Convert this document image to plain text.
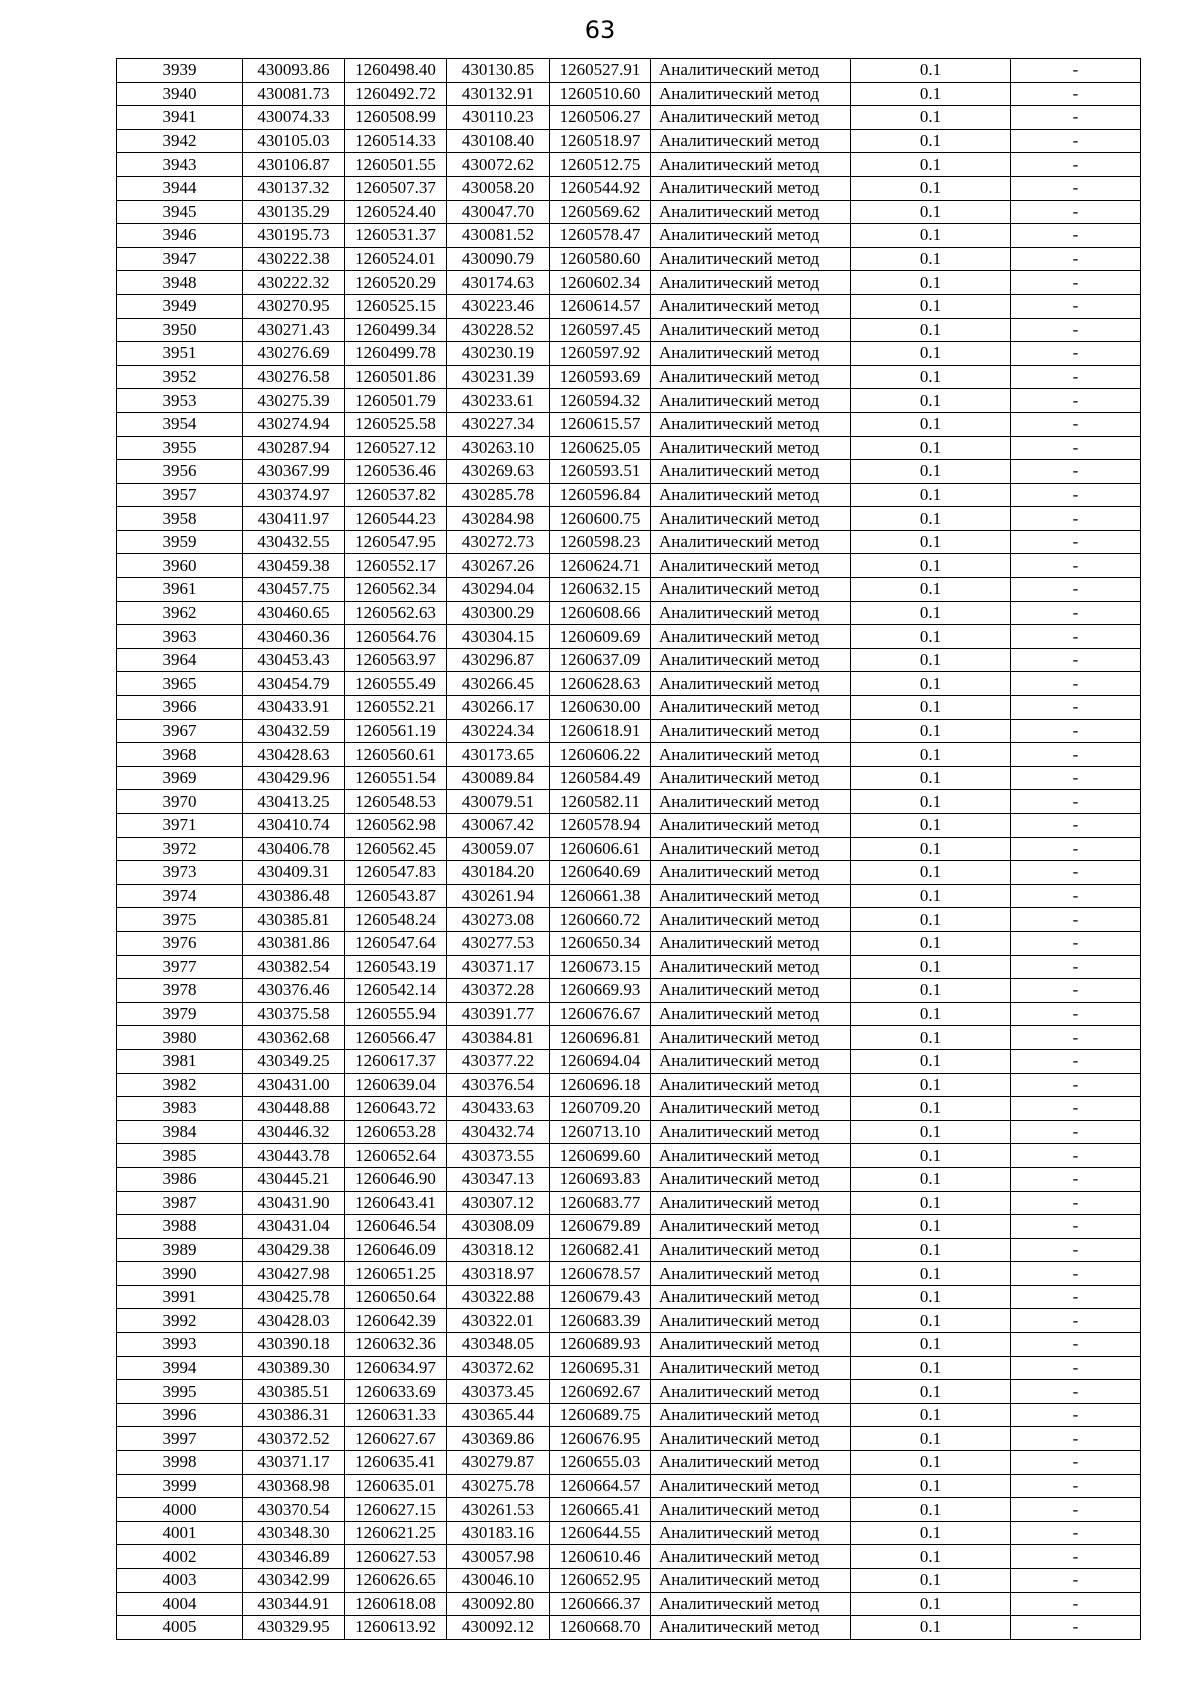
63
3939	430093.86	1260498.40	430130.85	1260527.91	Аналитический метод	0.1	-
3940	430081.73	1260492.72	430132.91	1260510.60	Аналитический метод	0.1	-
3941	430074.33	1260508.99	430110.23	1260506.27	Аналитический метод	0.1	-
3942	430105.03	1260514.33	430108.40	1260518.97	Аналитический метод	0.1	-
3943	430106.87	1260501.55	430072.62	1260512.75	Аналитический метод	0.1	-
3944	430137.32	1260507.37	430058.20	1260544.92	Аналитический метод	0.1	-
3945	430135.29	1260524.40	430047.70	1260569.62	Аналитический метод	0.1	-
3946	430195.73	1260531.37	430081.52	1260578.47	Аналитический метод	0.1	-
3947	430222.38	1260524.01	430090.79	1260580.60	Аналитический метод	0.1	-
3948	430222.32	1260520.29	430174.63	1260602.34	Аналитический метод	0.1	-
3949	430270.95	1260525.15	430223.46	1260614.57	Аналитический метод	0.1	-
3950	430271.43	1260499.34	430228.52	1260597.45	Аналитический метод	0.1	-
3951	430276.69	1260499.78	430230.19	1260597.92	Аналитический метод	0.1	-
3952	430276.58	1260501.86	430231.39	1260593.69	Аналитический метод	0.1	-
3953	430275.39	1260501.79	430233.61	1260594.32	Аналитический метод	0.1	-
3954	430274.94	1260525.58	430227.34	1260615.57	Аналитический метод	0.1	-
3955	430287.94	1260527.12	430263.10	1260625.05	Аналитический метод	0.1	-
3956	430367.99	1260536.46	430269.63	1260593.51	Аналитический метод	0.1	-
3957	430374.97	1260537.82	430285.78	1260596.84	Аналитический метод	0.1	-
3958	430411.97	1260544.23	430284.98	1260600.75	Аналитический метод	0.1	-
3959	430432.55	1260547.95	430272.73	1260598.23	Аналитический метод	0.1	-
3960	430459.38	1260552.17	430267.26	1260624.71	Аналитический метод	0.1	-
3961	430457.75	1260562.34	430294.04	1260632.15	Аналитический метод	0.1	-
3962	430460.65	1260562.63	430300.29	1260608.66	Аналитический метод	0.1	-
3963	430460.36	1260564.76	430304.15	1260609.69	Аналитический метод	0.1	-
3964	430453.43	1260563.97	430296.87	1260637.09	Аналитический метод	0.1	-
3965	430454.79	1260555.49	430266.45	1260628.63	Аналитический метод	0.1	-
3966	430433.91	1260552.21	430266.17	1260630.00	Аналитический метод	0.1	-
3967	430432.59	1260561.19	430224.34	1260618.91	Аналитический метод	0.1	-
3968	430428.63	1260560.61	430173.65	1260606.22	Аналитический метод	0.1	-
3969	430429.96	1260551.54	430089.84	1260584.49	Аналитический метод	0.1	-
3970	430413.25	1260548.53	430079.51	1260582.11	Аналитический метод	0.1	-
3971	430410.74	1260562.98	430067.42	1260578.94	Аналитический метод	0.1	-
3972	430406.78	1260562.45	430059.07	1260606.61	Аналитический метод	0.1	-
3973	430409.31	1260547.83	430184.20	1260640.69	Аналитический метод	0.1	-
3974	430386.48	1260543.87	430261.94	1260661.38	Аналитический метод	0.1	-
3975	430385.81	1260548.24	430273.08	1260660.72	Аналитический метод	0.1	-
3976	430381.86	1260547.64	430277.53	1260650.34	Аналитический метод	0.1	-
3977	430382.54	1260543.19	430371.17	1260673.15	Аналитический метод	0.1	-
3978	430376.46	1260542.14	430372.28	1260669.93	Аналитический метод	0.1	-
3979	430375.58	1260555.94	430391.77	1260676.67	Аналитический метод	0.1	-
3980	430362.68	1260566.47	430384.81	1260696.81	Аналитический метод	0.1	-
3981	430349.25	1260617.37	430377.22	1260694.04	Аналитический метод	0.1	-
3982	430431.00	1260639.04	430376.54	1260696.18	Аналитический метод	0.1	-
3983	430448.88	1260643.72	430433.63	1260709.20	Аналитический метод	0.1	-
3984	430446.32	1260653.28	430432.74	1260713.10	Аналитический метод	0.1	-
3985	430443.78	1260652.64	430373.55	1260699.60	Аналитический метод	0.1	-
3986	430445.21	1260646.90	430347.13	1260693.83	Аналитический метод	0.1	-
3987	430431.90	1260643.41	430307.12	1260683.77	Аналитический метод	0.1	-
3988	430431.04	1260646.54	430308.09	1260679.89	Аналитический метод	0.1	-
3989	430429.38	1260646.09	430318.12	1260682.41	Аналитический метод	0.1	-
3990	430427.98	1260651.25	430318.97	1260678.57	Аналитический метод	0.1	-
3991	430425.78	1260650.64	430322.88	1260679.43	Аналитический метод	0.1	-
3992	430428.03	1260642.39	430322.01	1260683.39	Аналитический метод	0.1	-
3993	430390.18	1260632.36	430348.05	1260689.93	Аналитический метод	0.1	-
3994	430389.30	1260634.97	430372.62	1260695.31	Аналитический метод	0.1	-
3995	430385.51	1260633.69	430373.45	1260692.67	Аналитический метод	0.1	-
3996	430386.31	1260631.33	430365.44	1260689.75	Аналитический метод	0.1	-
3997	430372.52	1260627.67	430369.86	1260676.95	Аналитический метод	0.1	-
3998	430371.17	1260635.41	430279.87	1260655.03	Аналитический метод	0.1	-
3999	430368.98	1260635.01	430275.78	1260664.57	Аналитический метод	0.1	-
4000	430370.54	1260627.15	430261.53	1260665.41	Аналитический метод	0.1	-
4001	430348.30	1260621.25	430183.16	1260644.55	Аналитический метод	0.1	-
4002	430346.89	1260627.53	430057.98	1260610.46	Аналитический метод	0.1	-
4003	430342.99	1260626.65	430046.10	1260652.95	Аналитический метод	0.1	-
4004	430344.91	1260618.08	430092.80	1260666.37	Аналитический метод	0.1	-
4005	430329.95	1260613.92	430092.12	1260668.70	Аналитический метод	0.1	-
